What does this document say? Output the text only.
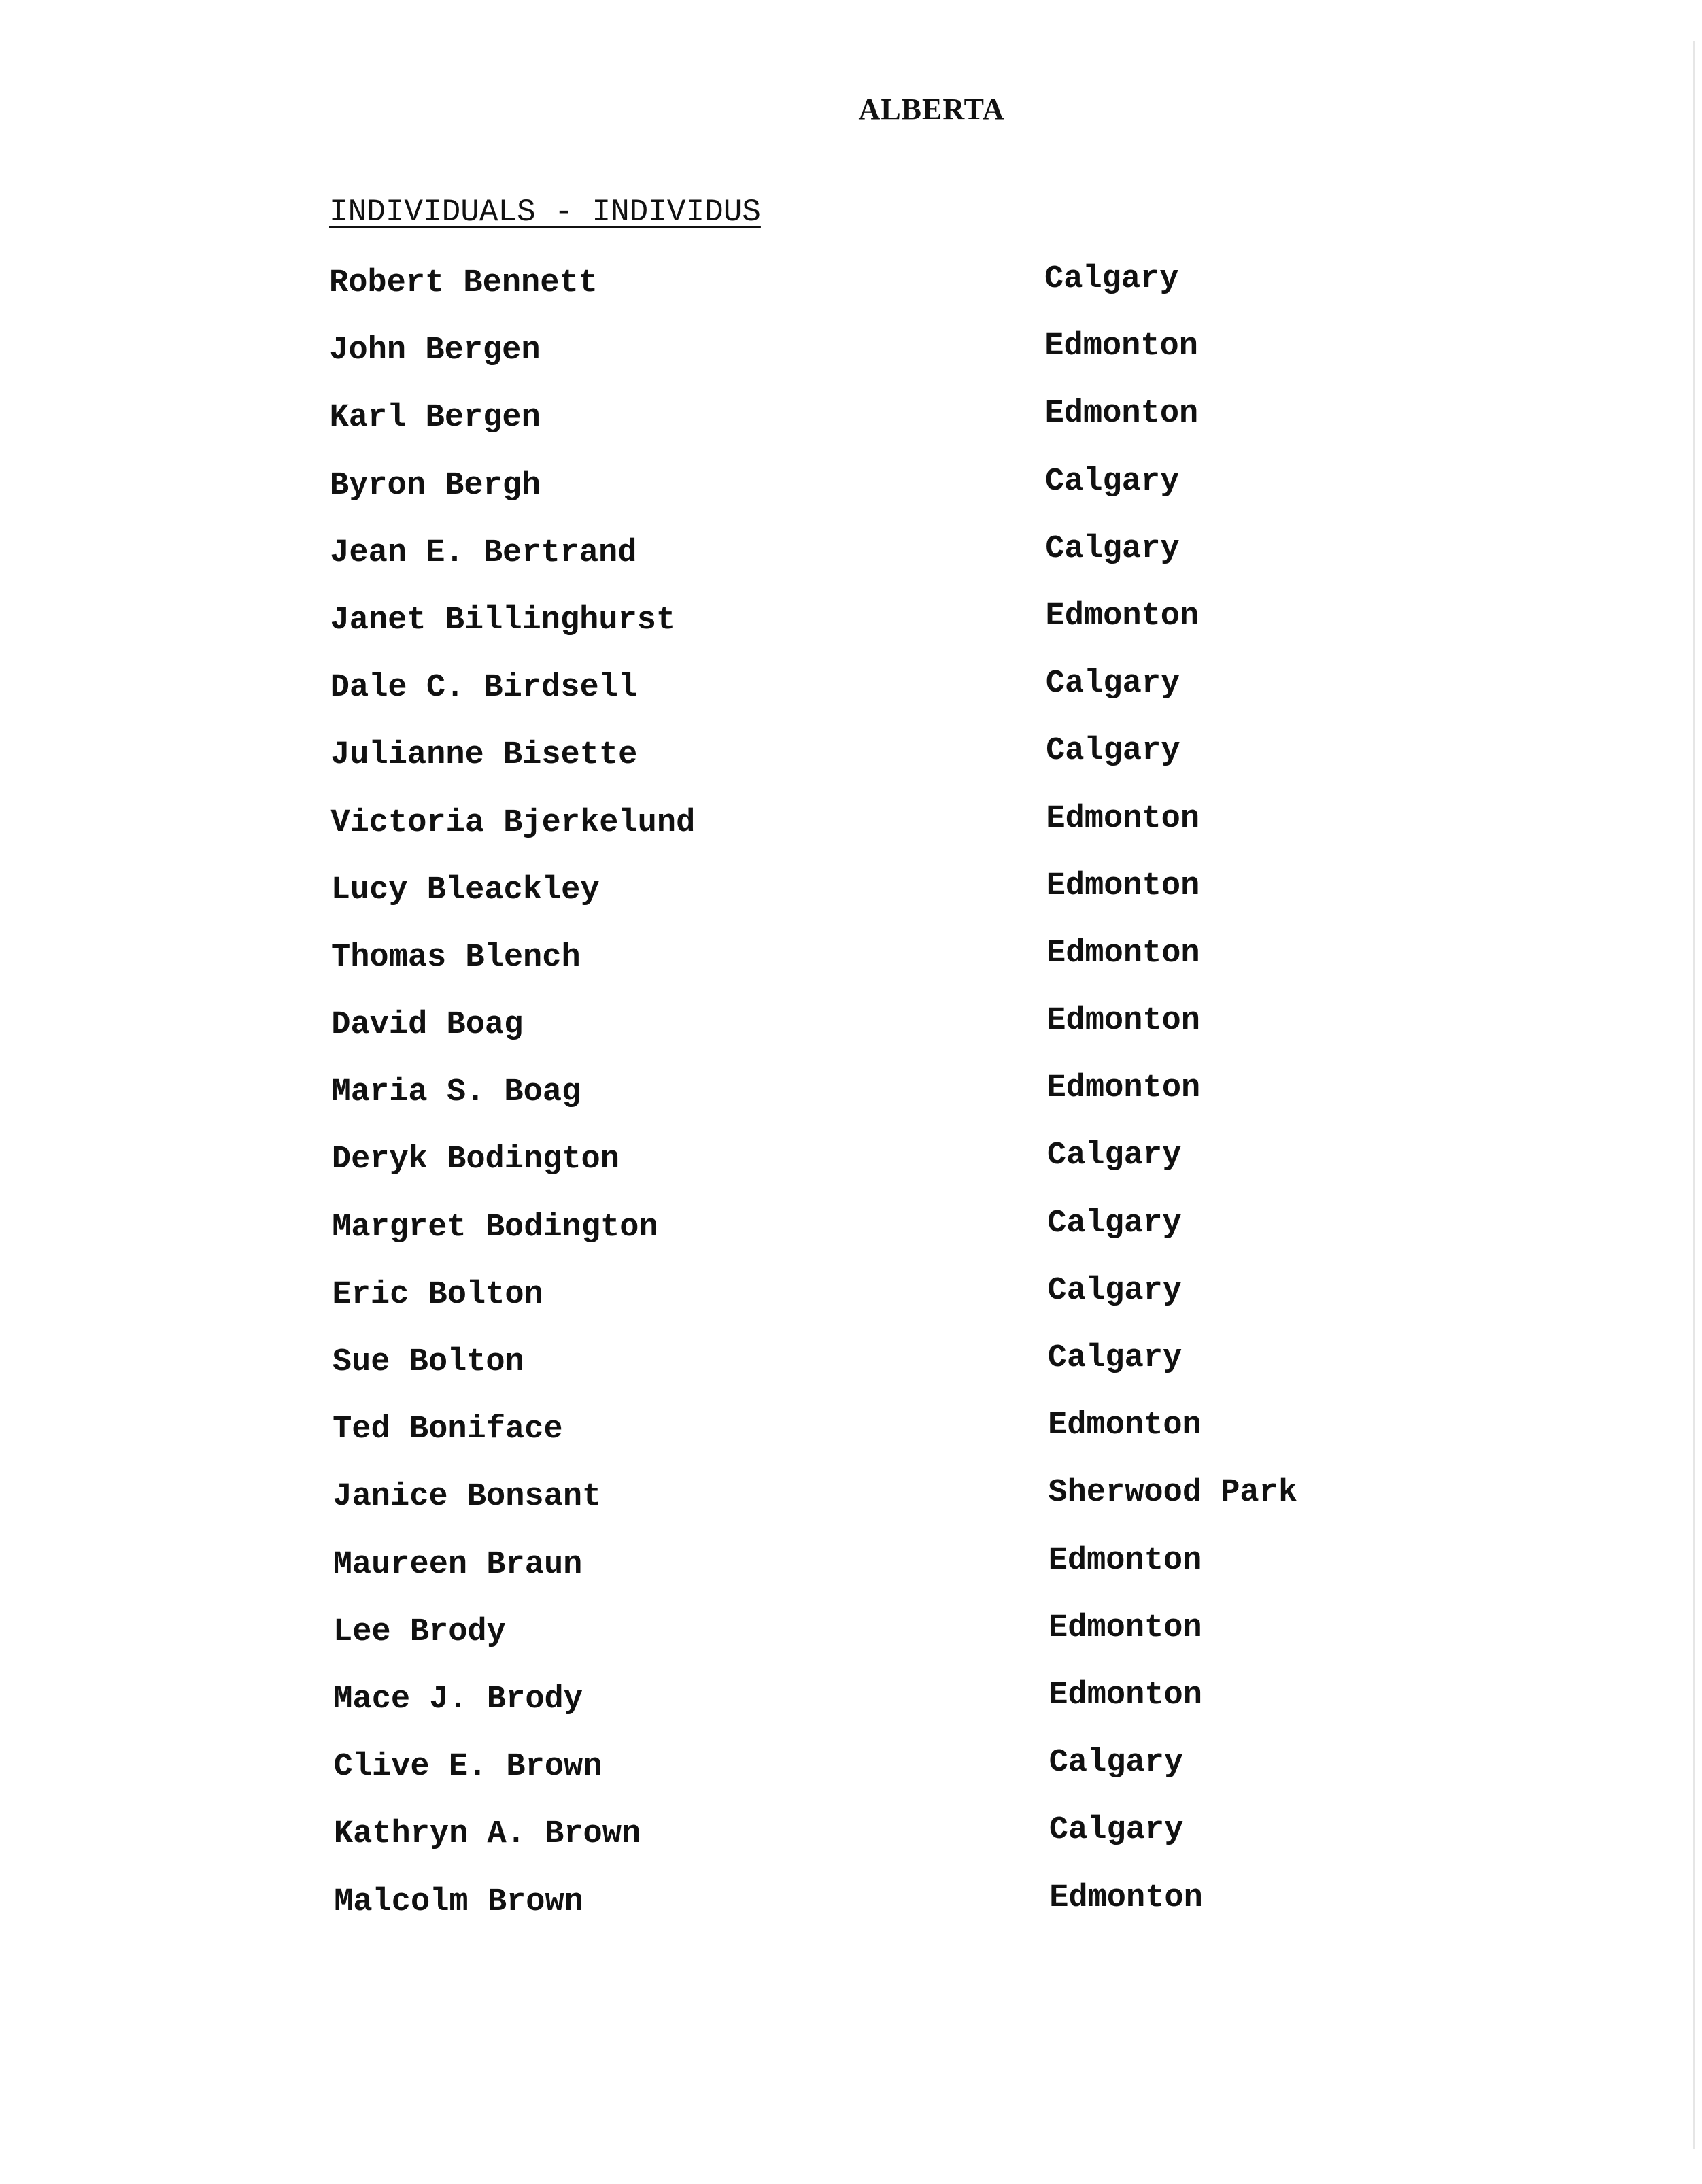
ALBERTA
INDIVIDUALS - INDIVIDUS
Robert Bennett	Calgary
John Bergen	Edmonton
Karl Bergen	Edmonton
Byron Bergh	Calgary
Jean E. Bertrand	Calgary
Janet Billinghurst	Edmonton
Dale C. Birdsell	Calgary
Julianne Bisette	Calgary
Victoria Bjerkelund	Edmonton
Lucy Bleackley	Edmonton
Thomas Blench	Edmonton
David Boag	Edmonton
Maria S. Boag	Edmonton
Deryk Bodington	Calgary
Margret Bodington	Calgary
Eric Bolton	Calgary
Sue Bolton	Calgary
Ted Boniface	Edmonton
Janice Bonsant	Sherwood Park
Maureen Braun	Edmonton
Lee Brody	Edmonton
Mace J. Brody	Edmonton
Clive E. Brown	Calgary
Kathryn A. Brown	Calgary
Malcolm Brown	Edmonton
